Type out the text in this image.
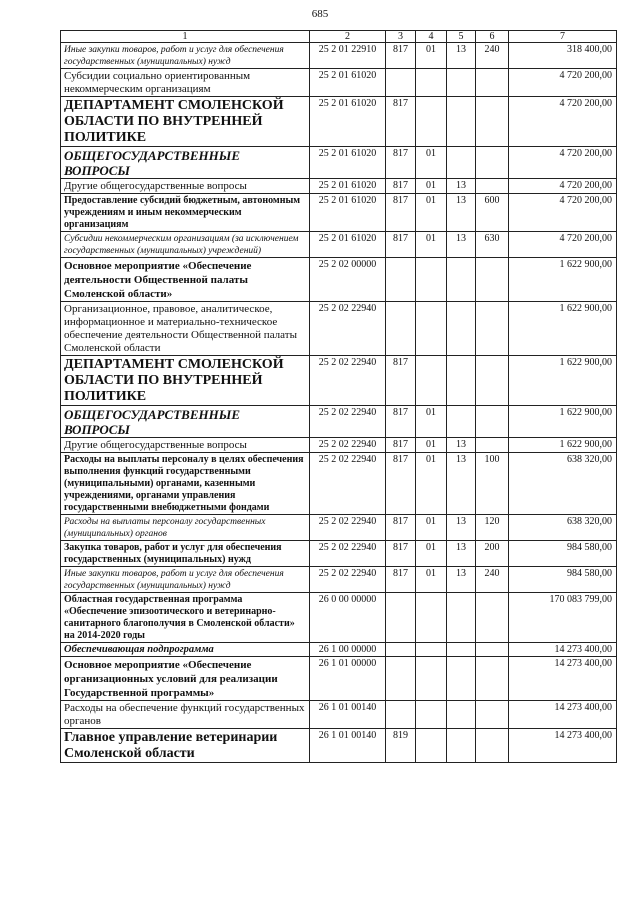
685
1	2	3	4	5	6	7
Иные закупки товаров, работ и услуг для обеспечения государственных (муниципальных) нужд	25 2 01 22910	817	01	13	240	318 400,00
Субсидии социально ориентированным некоммерческим организациям	25 2 01 61020					4 720 200,00
ДЕПАРТАМЕНТ СМОЛЕНСКОЙ ОБЛАСТИ ПО ВНУТРЕННЕЙ ПОЛИТИКЕ	25 2 01 61020	817				4 720 200,00
ОБЩЕГОСУДАРСТВЕННЫЕ ВОПРОСЫ	25 2 01 61020	817	01			4 720 200,00
Другие общегосударственные вопросы	25 2 01 61020	817	01	13		4 720 200,00
Предоставление субсидий бюджетным, автономным учреждениям и иным некоммерческим организациям	25 2 01 61020	817	01	13	600	4 720 200,00
Субсидии некоммерческим организациям (за исключением государственных (муниципальных) учреждений)	25 2 01 61020	817	01	13	630	4 720 200,00
Основное мероприятие «Обеспечение деятельности Общественной палаты Смоленской области»	25 2 02 00000					1 622 900,00
Организационное, правовое, аналитическое, информационное и материально-техническое обеспечение деятельности Общественной палаты Смоленской области	25 2 02 22940					1 622 900,00
ДЕПАРТАМЕНТ СМОЛЕНСКОЙ ОБЛАСТИ ПО ВНУТРЕННЕЙ ПОЛИТИКЕ	25 2 02 22940	817				1 622 900,00
ОБЩЕГОСУДАРСТВЕННЫЕ ВОПРОСЫ	25 2 02 22940	817	01			1 622 900,00
Другие общегосударственные вопросы	25 2 02 22940	817	01	13		1 622 900,00
Расходы на выплаты персоналу в целях обеспечения выполнения функций государственными (муниципальными) органами, казенными учреждениями, органами управления государственными внебюджетными фондами	25 2 02 22940	817	01	13	100	638 320,00
Расходы на выплаты персоналу государственных (муниципальных) органов	25 2 02 22940	817	01	13	120	638 320,00
Закупка товаров, работ и услуг для обеспечения государственных (муниципальных) нужд	25 2 02 22940	817	01	13	200	984 580,00
Иные закупки товаров, работ и услуг для обеспечения государственных (муниципальных) нужд	25 2 02 22940	817	01	13	240	984 580,00
Областная государственная программа «Обеспечение эпизоотического и ветеринарно-санитарного благополучия в Смоленской области» на 2014-2020 годы	26 0 00 00000					170 083 799,00
Обеспечивающая подпрограмма	26 1 00 00000					14 273 400,00
Основное мероприятие «Обеспечение организационных условий для реализации Государственной программы»	26 1 01 00000					14 273 400,00
Расходы на обеспечение функций государственных органов	26 1 01 00140					14 273 400,00
Главное управление ветеринарии Смоленской области	26 1 01 00140	819				14 273 400,00
